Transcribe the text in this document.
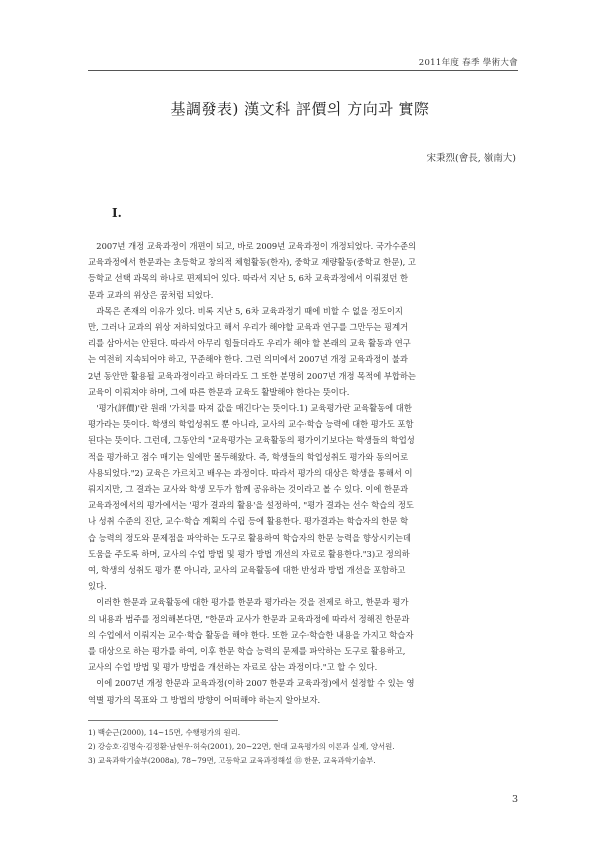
2011年度 春季 學術大會
基調發表) 漢文科 評價의 方向과 實際
宋秉烈(會長, 嶺南大)
Ⅰ.
2007년 개정 교육과정이 개편이 되고, 바로 2009년 교육과정이 개정되었다. 국가수준의
교육과정에서 한문과는 초등학교 창의적 체험활동(한자), 중학교 재량활동(중학교 한문), 고
등학교 선택 과목의 하나로 편제되어 있다. 따라서 지난 5, 6차 교육과정에서 이뤄졌던 한
문과 교과의 위상은 꿈처럼 되었다.
과목은 존재의 이유가 있다. 비록 지난 5, 6차 교육과정기 때에 비할 수 없을 정도이지
만, 그러나 교과의 위상 저하되었다고 해서 우리가 해야할 교육과 연구를 그만두는 핑계거
리를 삼아서는 안된다. 따라서 아무리 힘들더라도 우리가 해야 할 본래의 교육 활동과 연구
는 여전히 지속되어야 하고, 꾸준해야 한다. 그런 의미에서 2007년 개정 교육과정이 불과
2년 동안만 활용될 교육과정이라고 하더라도 그 또한 분명히 2007년 개정 목적에 부합하는
교육이 이뤄져야 하며, 그에 따른 한문과 교육도 활발해야 한다는 뜻이다.
'평가(評價)'란 원래 '가치를 따져 값을 매긴다'는 뜻이다.1) 교육평가란 교육활동에 대한
평가라는 뜻이다. 학생의 학업성취도 뿐 아니라, 교사의 교수·학습 능력에 대한 평가도 포함
된다는 뜻이다. 그런데, 그동안의 "교육평가는 교육활동의 평가이기보다는 학생들의 학업성
적을 평가하고 점수 매기는 일에만 몰두해왔다. 즉, 학생들의 학업성취도 평가와 동의어로
사용되었다."2) 교육은 가르치고 배우는 과정이다. 따라서 평가의 대상은 학생을 통해서 이
뤄지지만, 그 결과는 교사와 학생 모두가 함께 공유하는 것이라고 볼 수 있다. 이에 한문과
교육과정에서의 평가에서는 '평가 결과의 활용'을 설정하여, "평가 결과는 선수 학습의 정도
나 성취 수준의 진단, 교수·학습 계획의 수립 등에 활용한다. 평가결과는 학습자의 한문 학
습 능력의 정도와 문제점을 파악하는 도구로 활용하여 학습자의 한문 능력을 향상시키는데
도움을 주도록 하며, 교사의 수업 방법 및 평가 방법 개선의 자료로 활용한다."3)고 정의하
여, 학생의 성취도 평가 뿐 아니라, 교사의 교육활동에 대한 반성과 방법 개선을 포함하고
있다.
이러한 한문과 교육활동에 대한 평가를 한문과 평가라는 것을 전제로 하고, 한문과 평가
의 내용과 범주를 정의해본다면, "한문과 교사가 한문과 교육과정에 따라서 정해진 한문과
의 수업에서 이뤄지는 교수·학습 활동을 해야 한다. 또한 교수·학습한 내용을 가지고 학습자
를 대상으로 하는 평가를 하여, 이후 한문 학습 능력의 문제를 파악하는 도구로 활용하고,
교사의 수업 방법 및 평가 방법을 개선하는 자료로 삼는 과정이다."고 할 수 있다.
이에 2007년 개정 한문과 교육과정(이하 2007 한문과 교육과정)에서 설정할 수 있는 영
역별 평가의 목표와 그 방법의 방향이 어떠해야 하는지 알아보자.
1) 백순근(2000), 14~15면, 수행평가의 원리.
2) 강승호·김명숙·김정환·남현우·허숙(2001), 20~22면, 현대 교육평가의 이론과 실제, 양서원.
3) 교육과학기술부(2008a), 78~79면, 고등학교 교육과정해설 ⑬ 한문, 교육과학기술부.
3
